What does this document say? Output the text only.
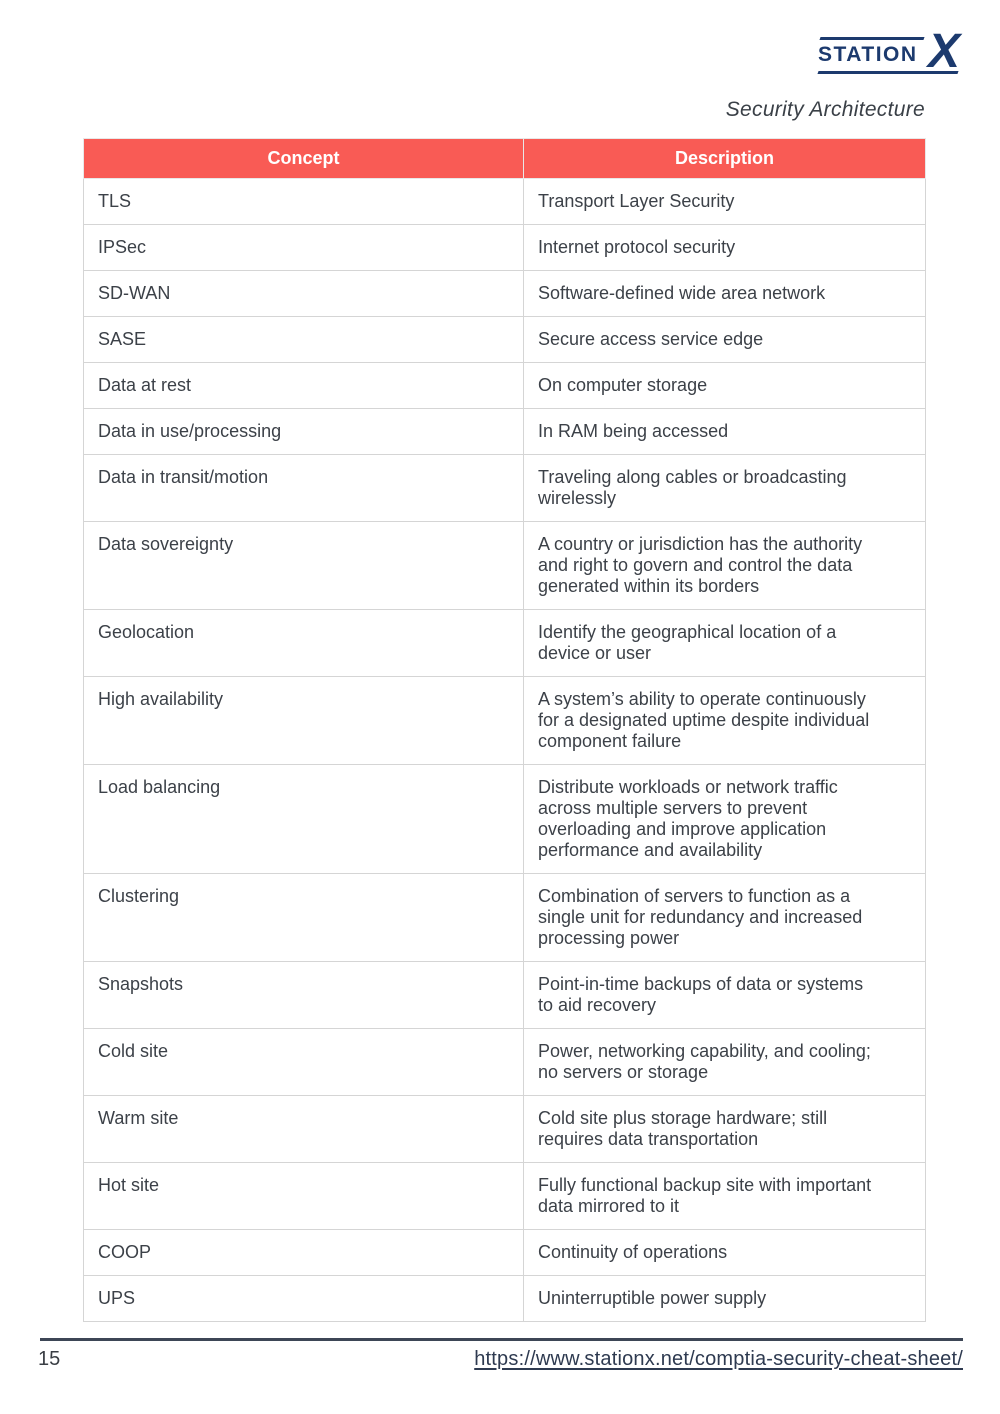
STATION X
Security Architecture
Concept	Description
TLS	Transport Layer Security
IPSec	Internet protocol security
SD-WAN	Software-defined wide area network
SASE	Secure access service edge
Data at rest	On computer storage
Data in use/processing	In RAM being accessed
Data in transit/motion	Traveling along cables or broadcasting wirelessly
Data sovereignty	A country or jurisdiction has the authority and right to govern and control the data generated within its borders
Geolocation	Identify the geographical location of a device or user
High availability	A system’s ability to operate continuously for a designated uptime despite individual component failure
Load balancing	Distribute workloads or network traffic across multiple servers to prevent overloading and improve application performance and availability
Clustering	Combination of servers to function as a single unit for redundancy and increased processing power
Snapshots	Point-in-time backups of data or systems to aid recovery
Cold site	Power, networking capability, and cooling; no servers or storage
Warm site	Cold site plus storage hardware; still requires data transportation
Hot site	Fully functional backup site with important data mirrored to it
COOP	Continuity of operations
UPS	Uninterruptible power supply
15	https://www.stationx.net/comptia-security-cheat-sheet/
